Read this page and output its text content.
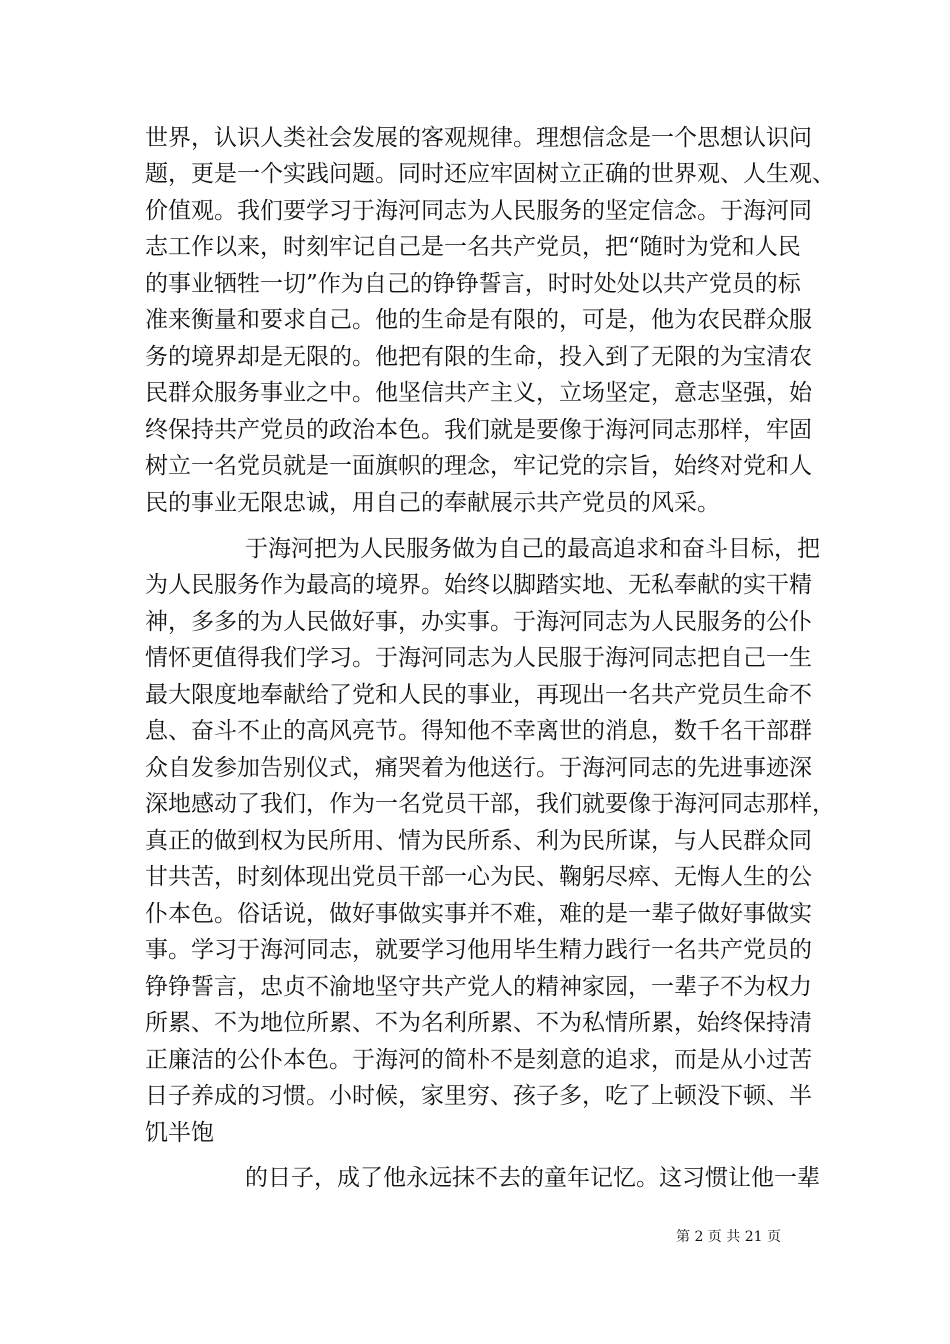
世界，认识人类社会发展的客观规律。理想信念是一个思想认识问
题，更是一个实践问题。同时还应牢固树立正确的世界观、人生观、
价值观。我们要学习于海河同志为人民服务的坚定信念。于海河同
志工作以来，时刻牢记自己是一名共产党员，把“随时为党和人民
的事业牺牲一切”作为自己的铮铮誓言，时时处处以共产党员的标
准来衡量和要求自己。他的生命是有限的，可是，他为农民群众服
务的境界却是无限的。他把有限的生命，投入到了无限的为宝清农
民群众服务事业之中。他坚信共产主义，立场坚定，意志坚强，始
终保持共产党员的政治本色。我们就是要像于海河同志那样，牢固
树立一名党员就是一面旗帜的理念，牢记党的宗旨，始终对党和人
民的事业无限忠诚，用自己的奉献展示共产党员的风采。
于海河把为人民服务做为自己的最高追求和奋斗目标，把
为人民服务作为最高的境界。始终以脚踏实地、无私奉献的实干精
神，多多的为人民做好事，办实事。于海河同志为人民服务的公仆
情怀更值得我们学习。于海河同志为人民服于海河同志把自己一生
最大限度地奉献给了党和人民的事业，再现出一名共产党员生命不
息、奋斗不止的高风亮节。得知他不幸离世的消息，数千名干部群
众自发参加告别仪式，痛哭着为他送行。于海河同志的先进事迹深
深地感动了我们，作为一名党员干部，我们就要像于海河同志那样，
真正的做到权为民所用、情为民所系、利为民所谋，与人民群众同
甘共苦，时刻体现出党员干部一心为民、鞠躬尽瘁、无悔人生的公
仆本色。俗话说，做好事做实事并不难，难的是一辈子做好事做实
事。学习于海河同志，就要学习他用毕生精力践行一名共产党员的
铮铮誓言，忠贞不渝地坚守共产党人的精神家园，一辈子不为权力
所累、不为地位所累、不为名利所累、不为私情所累，始终保持清
正廉洁的公仆本色。于海河的简朴不是刻意的追求，而是从小过苦
日子养成的习惯。小时候，家里穷、孩子多，吃了上顿没下顿、半
饥半饱
的日子，成了他永远抹不去的童年记忆。这习惯让他一辈
第 2 页 共 21 页
